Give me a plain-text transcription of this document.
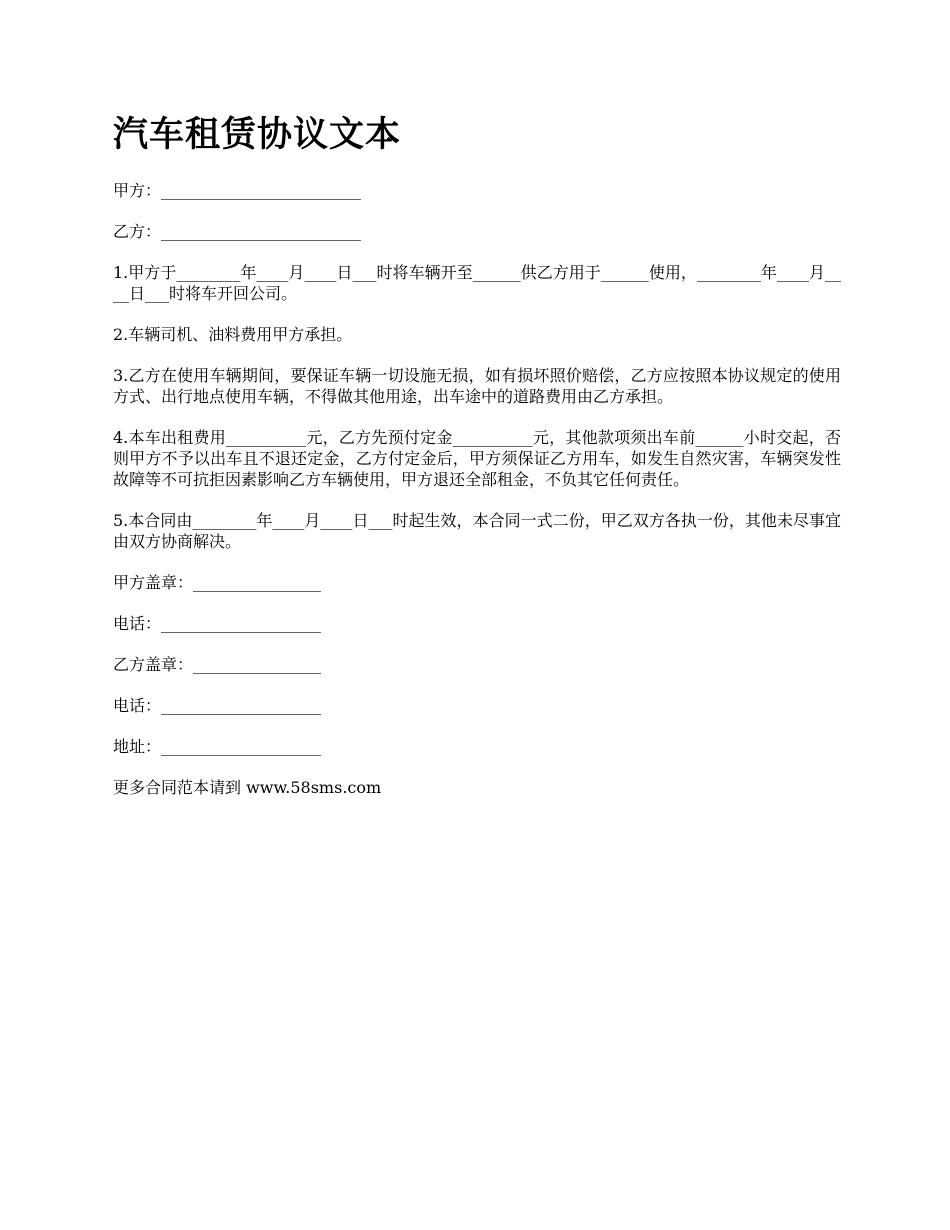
汽车租赁协议文本

甲方：_________________________

乙方：_________________________

1.甲方于________年____月____日___时将车辆开至______供乙方用于______使用，________年____月____日___时将车开回公司。

2.车辆司机、油料费用甲方承担。

3.乙方在使用车辆期间，要保证车辆一切设施无损，如有损坏照价赔偿，乙方应按照本协议规定的使用方式、出行地点使用车辆，不得做其他用途，出车途中的道路费用由乙方承担。

4.本车出租费用__________元，乙方先预付定金__________元，其他款项须出车前______小时交起，否则甲方不予以出车且不退还定金，乙方付定金后，甲方须保证乙方用车，如发生自然灾害，车辆突发性故障等不可抗拒因素影响乙方车辆使用，甲方退还全部租金，不负其它任何责任。

5.本合同由________年____月____日___时起生效，本合同一式二份，甲乙双方各执一份，其他未尽事宜由双方协商解决。

甲方盖章：________________

电话：____________________

乙方盖章：________________

电话：____________________

地址：____________________

更多合同范本请到 www.58sms.com
